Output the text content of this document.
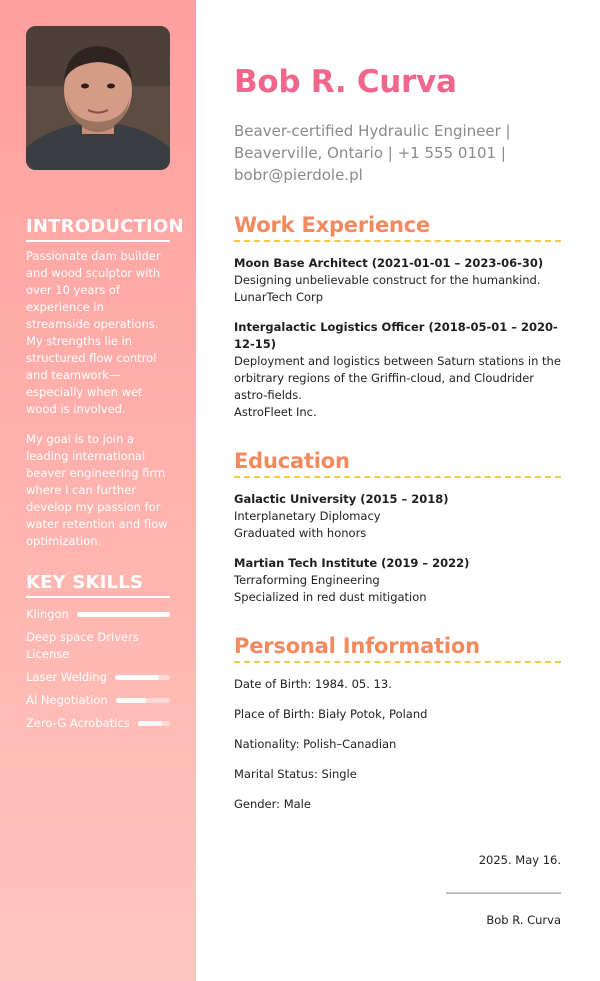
INTRODUCTION

Passionate dam builder and wood sculptor with over 10 years of experience in streamside operations. My strengths lie in structured flow control and teamwork—especially when wet wood is involved.

My goal is to join a leading international beaver engineering firm where I can further develop my passion for water retention and flow optimization.

KEY SKILLS
Klingon
Deep space Drivers License
Laser Welding
AI Negotiation
Zero-G Acrobatics
Bob R. Curva

Beaver-certified Hydraulic Engineer | Beaverville, Ontario | +1 555 0101 | bobr@pierdole.pl

Work Experience
Moon Base Architect (2021-01-01 – 2023-06-30)
Designing unbelievable construct for the humankind.
LunarTech Corp
Intergalactic Logistics Officer (2018-05-01 – 2020-12-15)
Deployment and logistics between Saturn stations in the orbitrary regions of the Griffin-cloud, and Cloudrider astro-fields.
AstroFleet Inc.
Education
Galactic University (2015 – 2018)
Interplanetary Diplomacy
Graduated with honors
Martian Tech Institute (2019 – 2022)
Terraforming Engineering
Specialized in red dust mitigation
Personal Information

Date of Birth: 1984. 05. 13.

Place of Birth: Biały Potok, Poland

Nationality: Polish–Canadian

Marital Status: Single

Gender: Male

2025. May 16.
____________________
Bob R. Curva
